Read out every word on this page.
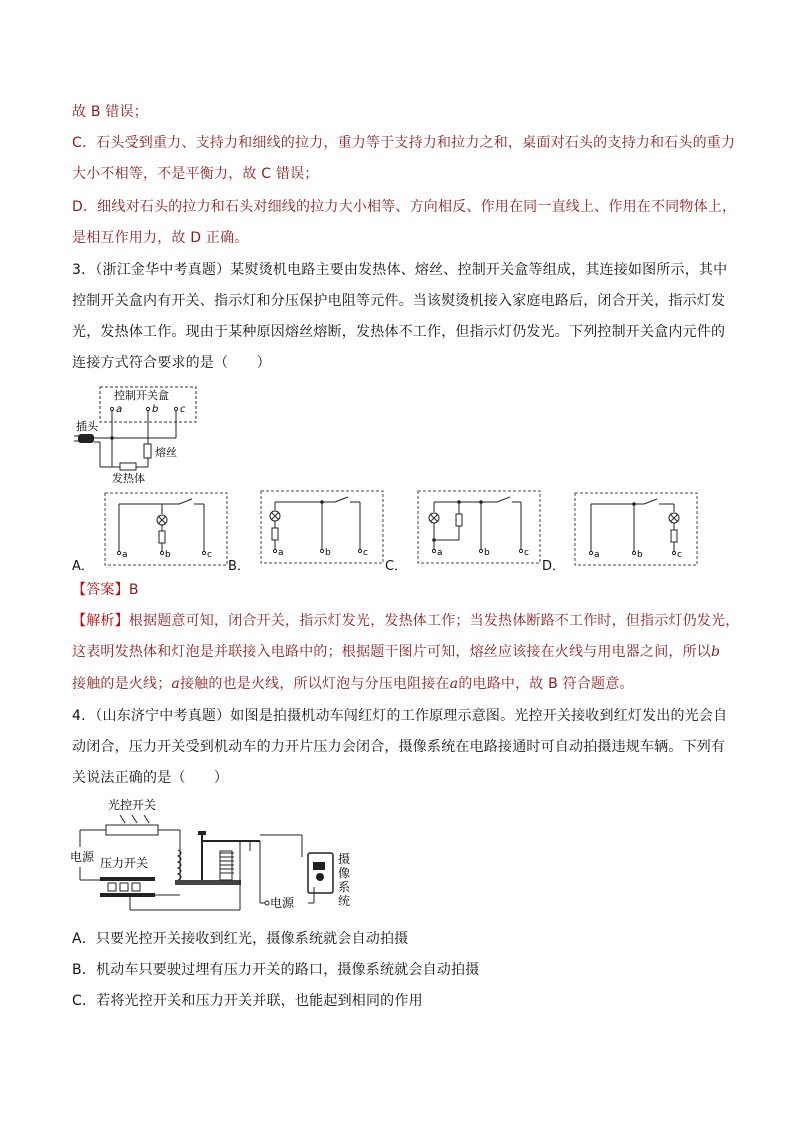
故 B 错误；
C．石头受到重力、支持力和细线的拉力，重力等于支持力和拉力之和，桌面对石头的支持力和石头的重力
大小不相等，不是平衡力，故 C 错误；
D．细线对石头的拉力和石头对细线的拉力大小相等、方向相反、作用在同一直线上、作用在不同物体上，
是相互作用力，故 D 正确。
3．（浙江金华中考真题）某熨烫机电路主要由发热体、熔丝、控制开关盒等组成，其连接如图所示，其中
控制开关盒内有开关、指示灯和分压保护电阻等元件。当该熨烫机接入家庭电路后，闭合开关，指示灯发
光，发热体工作。现由于某种原因熔丝熔断，发热体不工作，但指示灯仍发光。下列控制开关盒内元件的
连接方式符合要求的是（　　）
控制开关盒
a	b c
插头
熔丝
发热体
A．
a	b	c
B．
a	b	c
C．
a	b	c
D．
a	b	c
【答案】B
【解析】根据题意可知，闭合开关，指示灯发光，发热体工作；当发热体断路不工作时，但指示灯仍发光，
这表明发热体和灯泡是并联接入电路中的；根据题干图片可知，熔丝应该接在火线与用电器之间，所以b
接触的是火线；a接触的也是火线，所以灯泡与分压电阻接在a的电路中，故 B 符合题意。
4．（山东济宁中考真题）如图是拍摄机动车闯红灯的工作原理示意图。光控开关接收到红灯发出的光会自
动闭合，压力开关受到机动车的力开片压力会闭合，摄像系统在电路接通时可自动拍摄违规车辆。下列有
关说法正确的是（　　）
光控开关
电源 压力开关
电源
摄像系统
A．只要光控开关接收到红光，摄像系统就会自动拍摄
B．机动车只要驶过埋有压力开关的路口，摄像系统就会自动拍摄
C．若将光控开关和压力开关并联，也能起到相同的作用
